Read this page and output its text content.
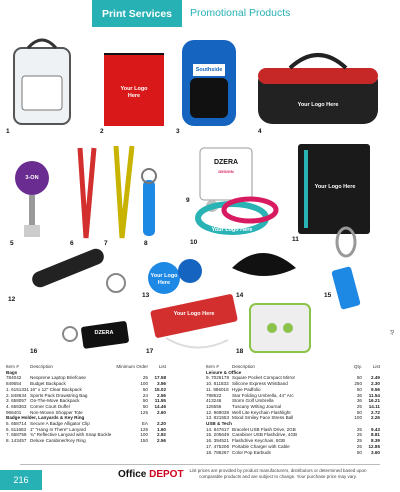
Print Services	Promotional Products
Your Logo Here
Southside
Your Logo Here
3-ON
DZERA
DESIGN
Your Logo Here
Your Logo Here
Your Logo Here
Your Logo Here
DZERA
1	2	3	4
5	6	7	8
9
10	11
12
13	14	15
16	17	18
Item #	Description	Minimum Order	List
Bags
784042	Neoprene Laptop Briefcase	25	17.58
849554	Budget Backpack	100	3.56
1. 6151331 16" x 12" Clear Backpack	50	15.02
2. 848634 Sports Pack Drawstring Bag	24	2.56
3. 658057 On-The-Move Backpack	50	11.55
4. 658363 Corner Court Duffel	50	14.46
966401	Non-Woven Shopper Tote	125	2.60
Badge Holder, Lanyards & Key Ring
5. 658714 Secure A Badge Alligator Clip	EA	2.20
6. 611683 1" "Hang In There" Lanyard	125	1.60
7. 658759 ¾" Reflective Lanyard with Snap Buckle	100	2.92
8. 143457 Deluxe Carabiner/Key Ring	150	2.56
Item #	Description	Qty.	List
Leisure & Office
9. 7026178 Square Pocket Compact Mirror	50	2.49
10. 811833 Silicone Express Wristband	250	2.30
11. 886016 Hype Padfolio	50	9.56
798522	Star Folding Umbrella, 44" Arc	36	11.54
413246	Storm Golf Umbrella	36	16.21
126556	Tuscany Writing Journal	25	14.11
12. 969038 Well Lite Keychain Flashlight	50	2.72
13. 821553 Mood Smiley Face Stress Ball	100	2.26
USB & Tech
14. 847617 Bracelet USB Flash Drive, 2GB	25	9.43
15. 205649 Carabiner USB Flashdrive, 4GB	25	8.81
16. 394521 Flashdrive Keychain, 8GB	25	8.39
17. 475206 Portable Charger with Cable	25	12.85
18. 786267 Color Pop Earbuds	50	3.60
Pr
216	Office DEPOT	List prices are provided by product manufacturers, distributors or determined based upon comparable products and are subject to change. Your purchase price may vary.
